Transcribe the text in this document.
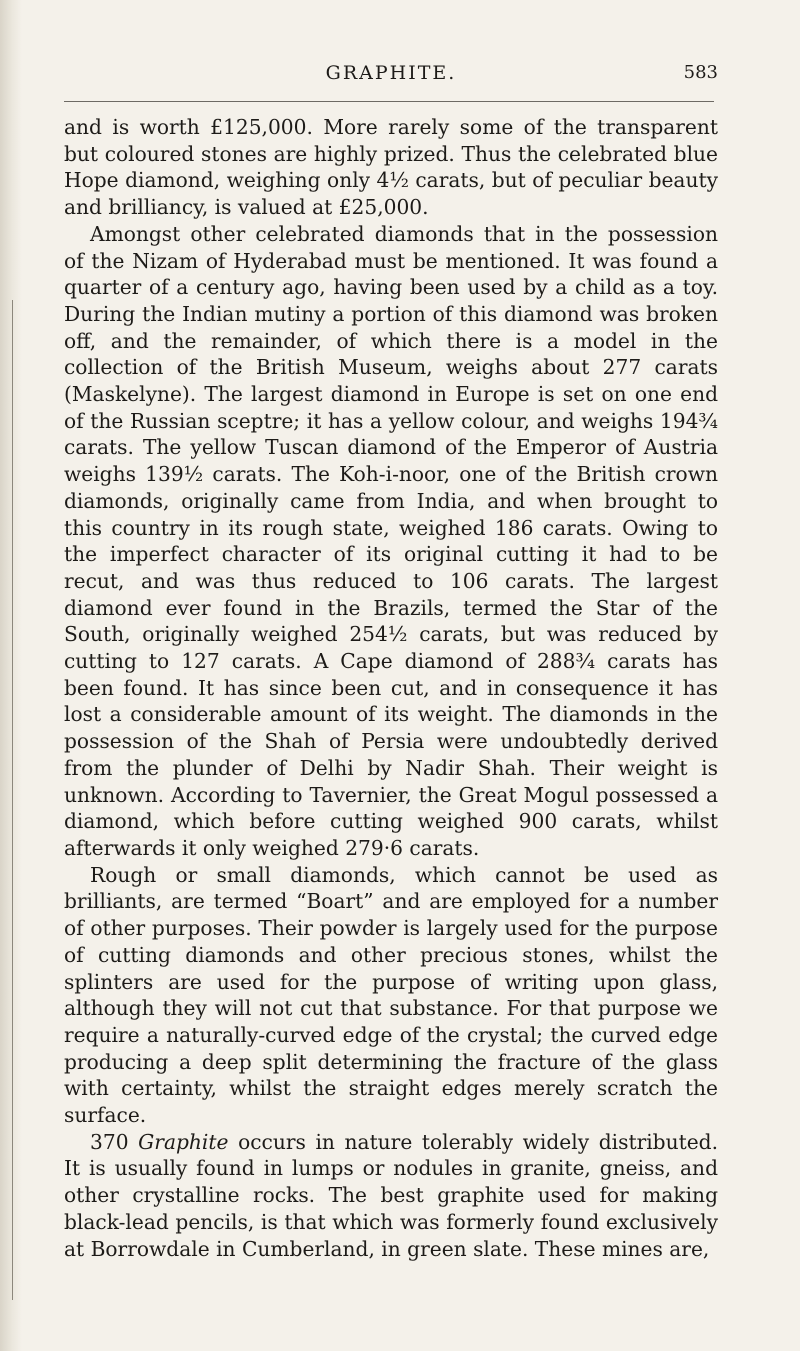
GRAPHITE.	583

and is worth £125,000. More rarely some of the transparent but coloured stones are highly prized. Thus the celebrated blue Hope diamond, weighing only 4½ carats, but of peculiar beauty and brilliancy, is valued at £25,000.

Amongst other celebrated diamonds that in the possession of the Nizam of Hyderabad must be mentioned. It was found a quarter of a century ago, having been used by a child as a toy. During the Indian mutiny a portion of this diamond was broken off, and the remainder, of which there is a model in the collection of the British Museum, weighs about 277 carats (Maskelyne). The largest diamond in Europe is set on one end of the Russian sceptre; it has a yellow colour, and weighs 194¾ carats. The yellow Tuscan diamond of the Emperor of Austria weighs 139½ carats. The Koh-i-noor, one of the British crown diamonds, originally came from India, and when brought to this country in its rough state, weighed 186 carats. Owing to the imperfect character of its original cutting it had to be recut, and was thus reduced to 106 carats. The largest diamond ever found in the Brazils, termed the Star of the South, originally weighed 254½ carats, but was reduced by cutting to 127 carats. A Cape diamond of 288¾ carats has been found. It has since been cut, and in consequence it has lost a considerable amount of its weight. The diamonds in the possession of the Shah of Persia were undoubtedly derived from the plunder of Delhi by Nadir Shah. Their weight is unknown. According to Tavernier, the Great Mogul possessed a diamond, which before cutting weighed 900 carats, whilst afterwards it only weighed 279·6 carats.

Rough or small diamonds, which cannot be used as brilliants, are termed “Boart” and are employed for a number of other purposes. Their powder is largely used for the purpose of cutting diamonds and other precious stones, whilst the splinters are used for the purpose of writing upon glass, although they will not cut that substance. For that purpose we require a naturally-curved edge of the crystal; the curved edge producing a deep split determining the fracture of the glass with certainty, whilst the straight edges merely scratch the surface.

370 Graphite occurs in nature tolerably widely distributed. It is usually found in lumps or nodules in granite, gneiss, and other crystalline rocks. The best graphite used for making black-lead pencils, is that which was formerly found exclusively at Borrowdale in Cumberland, in green slate. These mines are,
